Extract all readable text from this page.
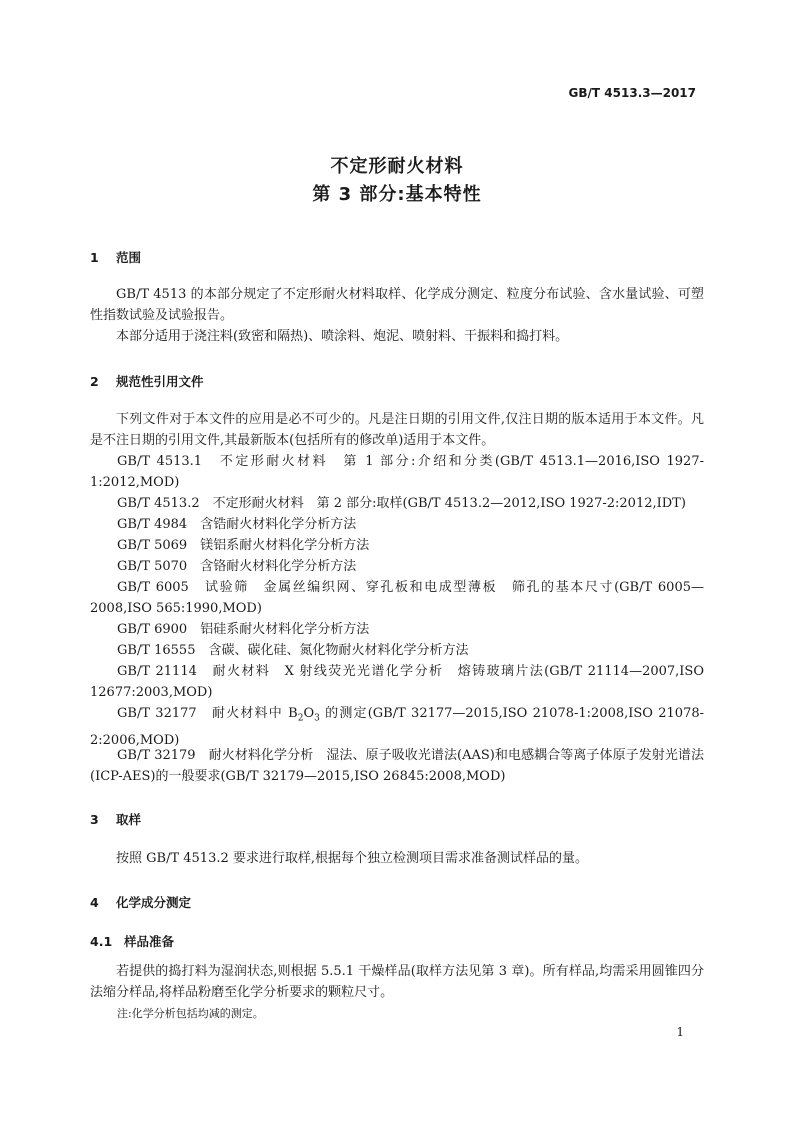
GB/T 4513.3—2017
不定形耐火材料
第 3 部分:基本特性
1 范围
GB/T 4513 的本部分规定了不定形耐火材料取样、化学成分测定、粒度分布试验、含水量试验、可塑性指数试验及试验报告。
本部分适用于浇注料(致密和隔热)、喷涂料、炮泥、喷射料、干振料和捣打料。
2 规范性引用文件
下列文件对于本文件的应用是必不可少的。凡是注日期的引用文件,仅注日期的版本适用于本文件。凡是不注日期的引用文件,其最新版本(包括所有的修改单)适用于本文件。
GB/T 4513.1　 不定形耐火材料　第 1 部分:介绍和分类(GB/T 4513.1—2016,ISO 1927-1:2012,MOD)
GB/T 4513.2　 不定形耐火材料　第 2 部分:取样(GB/T 4513.2—2012,ISO 1927-2:2012,IDT)
GB/T 4984　 含锆耐火材料化学分析方法
GB/T 5069　 镁铝系耐火材料化学分析方法
GB/T 5070　 含铬耐火材料化学分析方法
GB/T 6005　 试验筛　金属丝编织网、穿孔板和电成型薄板　筛孔的基本尺寸(GB/T 6005—2008,ISO 565:1990,MOD)
GB/T 6900　 铝硅系耐火材料化学分析方法
GB/T 16555　 含碳、碳化硅、氮化物耐火材料化学分析方法
GB/T 21114　 耐火材料　X 射线荧光光谱化学分析　熔铸玻璃片法(GB/T 21114—2007,ISO 12677:2003,MOD)
GB/T 32177　 耐火材料中 $B_2O_3$ 的测定(GB/T 32177—2015,ISO 21078-1:2008,ISO 21078-2:2006,MOD)
GB/T 32179　 耐火材料化学分析　湿法、原子吸收光谱法(AAS)和电感耦合等离子体原子发射光谱法(ICP-AES)的一般要求(GB/T 32179—2015,ISO 26845:2008,MOD)
3 取样
按照 GB/T 4513.2 要求进行取样,根据每个独立检测项目需求准备测试样品的量。
4 化学成分测定
4.1 样品准备
若提供的捣打料为湿润状态,则根据 5.5.1 干燥样品(取样方法见第 3 章)。所有样品,均需采用圆锥四分法缩分样品,将样品粉磨至化学分析要求的颗粒尺寸。
注:化学分析包括均减的测定。
1
